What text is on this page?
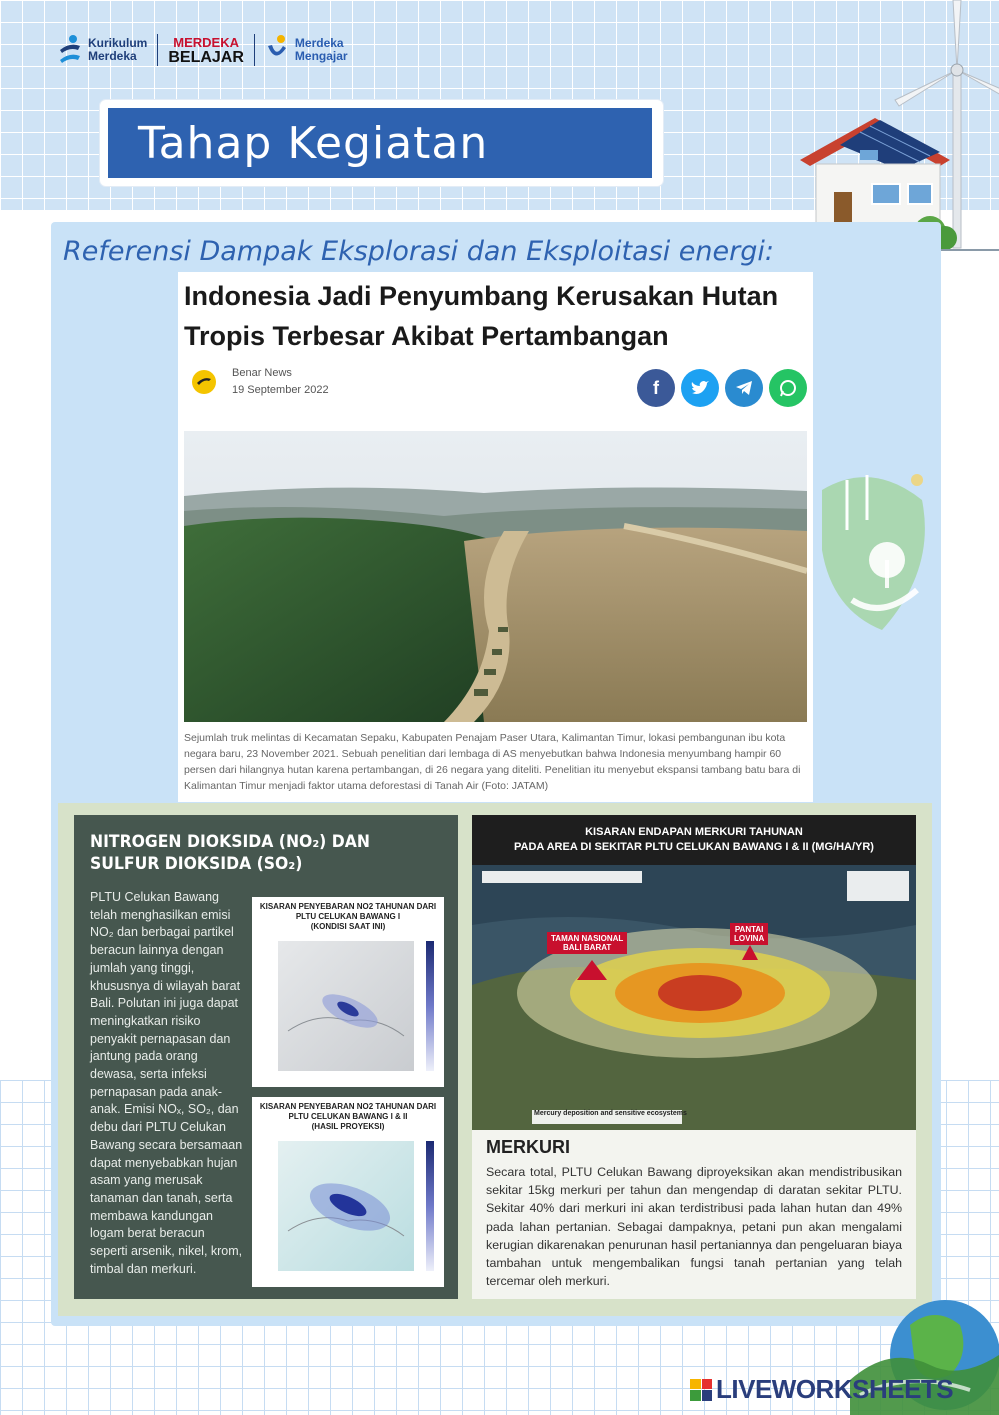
Kurikulum
Merdeka
MERDEKA
BELAJAR
Merdeka
Mengajar
Tahap Kegiatan
Referensi Dampak Eksplorasi dan Eksploitasi energi:
Indonesia Jadi Penyumbang Kerusakan Hutan Tropis Terbesar Akibat Pertambangan
Benar News
19 September 2022	f
Sejumlah truk melintas di Kecamatan Sepaku, Kabupaten Penajam Paser Utara, Kalimantan Timur, lokasi pembangunan ibu kota negara baru, 23 November 2021. Sebuah penelitian dari lembaga di AS menyebutkan bahwa Indonesia menyumbang hampir 60 persen dari hilangnya hutan karena pertambangan, di 26 negara yang diteliti. Penelitian itu menyebut ekspansi tambang batu bara di Kalimantan Timur menjadi faktor utama deforestasi di Tanah Air (Foto: JATAM)
NITROGEN DIOKSIDA (NO₂) DAN
SULFUR DIOKSIDA (SO₂)
PLTU Celukan Bawang telah menghasilkan emisi NO₂ dan berbagai partikel beracun lainnya dengan jumlah yang tinggi, khususnya di wilayah barat Bali. Polutan ini juga dapat meningkatkan risiko penyakit pernapasan dan jantung pada orang dewasa, serta infeksi pernapasan pada anak-anak. Emisi NOₓ, SO₂, dan debu dari PLTU Celukan Bawang secara bersamaan dapat menyebabkan hujan asam yang merusak tanaman dan tanah, serta membawa kandungan logam berat beracun seperti arsenik, nikel, krom, timbal dan merkuri.
KISARAN PENYEBARAN NO2 TAHUNAN DARI
PLTU CELUKAN BAWANG I
(KONDISI SAAT INI)
KISARAN PENYEBARAN NO2 TAHUNAN DARI
PLTU CELUKAN BAWANG I & II
(HASIL PROYEKSI)
KISARAN ENDAPAN MERKURI TAHUNAN
PADA AREA DI SEKITAR PLTU CELUKAN BAWANG I & II (MG/HA/YR)
TAMAN NASIONAL
BALI BARAT
PANTAI
LOVINA
Mercury deposition and sensitive ecosystems
MERKURI
Secara total, PLTU Celukan Bawang diproyeksikan akan mendistribusikan sekitar 15kg merkuri per tahun dan mengendap di daratan sekitar PLTU. Sekitar 40% dari merkuri ini akan terdistribusi pada lahan hutan dan 49% pada lahan pertanian. Sebagai dampaknya, petani pun akan mengalami kerugian dikarenakan penurunan hasil pertaniannya dan pengeluaran biaya tambahan untuk mengembalikan fungsi tanah pertanian yang telah tercemar oleh merkuri.
LIVEWORKSHEETS
